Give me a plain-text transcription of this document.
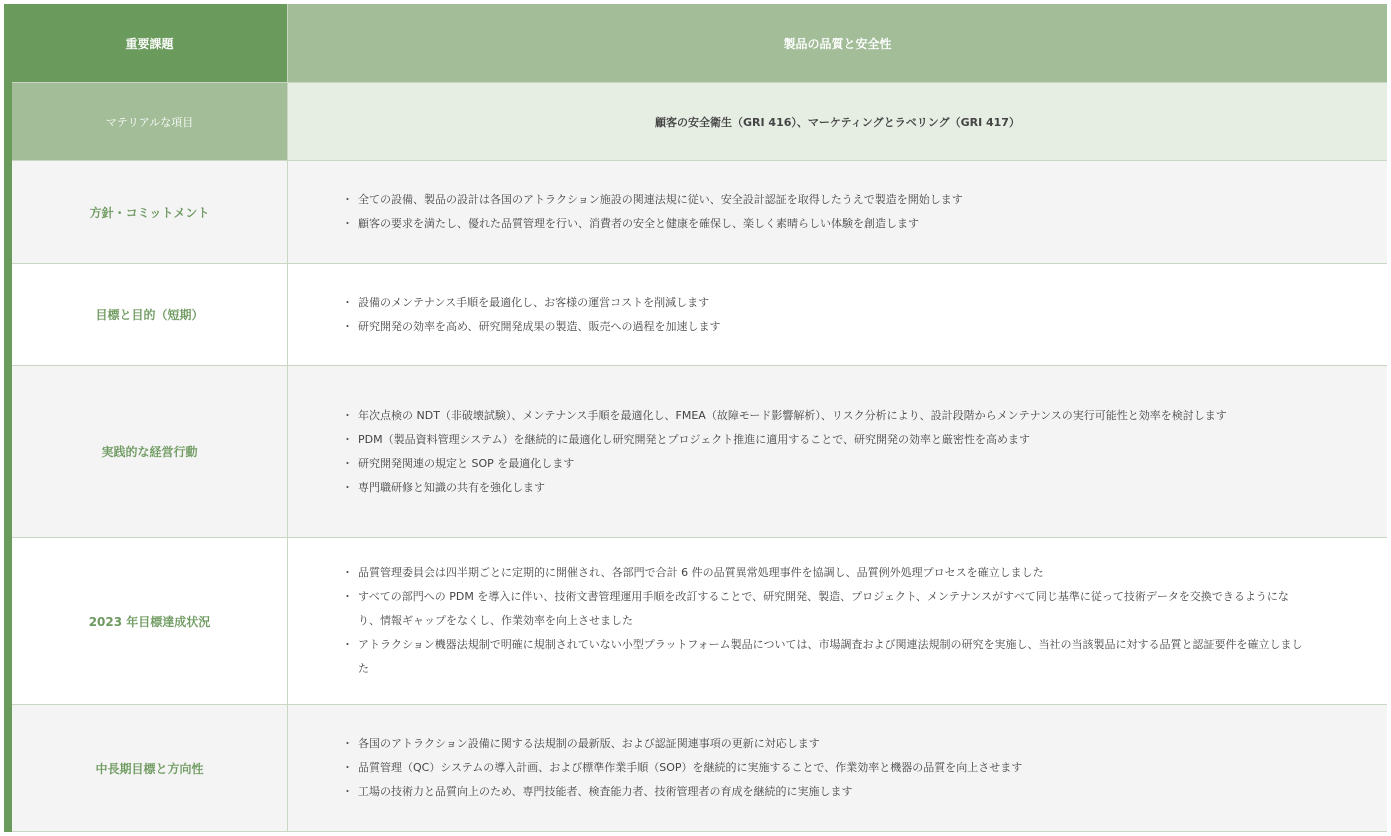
重要課題	製品の品質と安全性
マテリアルな項目	顧客の安全衛生（GRI 416）、マーケティングとラベリング（GRI 417）
方針・コミットメント
・ 全ての設備、製品の設計は各国のアトラクション施設の関連法規に従い、安全設計認証を取得したうえで製造を開始します
・ 顧客の要求を満たし、優れた品質管理を行い、消費者の安全と健康を確保し、楽しく素晴らしい体験を創造します
目標と目的（短期）
・ 設備のメンテナンス手順を最適化し、お客様の運営コストを削減します
・ 研究開発の効率を高め、研究開発成果の製造、販売への過程を加速します
実践的な経営行動
・ 年次点検の NDT（非破壊試験）、メンテナンス手順を最適化し、FMEA（故障モード影響解析）、リスク分析により、設計段階からメンテナンスの実行可能性と効率を検討します
・ PDM（製品資料管理システム）を継続的に最適化し研究開発とプロジェクト推進に適用することで、研究開発の効率と厳密性を高めます
・ 研究開発関連の規定と SOP を最適化します
・ 専門職研修と知識の共有を強化します
2023 年目標達成状況
・ 品質管理委員会は四半期ごとに定期的に開催され、各部門で合計 6 件の品質異常処理事件を協調し、品質例外処理プロセスを確立しました
・ すべての部門への PDM を導入に伴い、技術文書管理運用手順を改訂することで、研究開発、製造、プロジェクト、メンテナンスがすべて同じ基準に従って技術データを交換できるようになり、情報ギャップをなくし、作業効率を向上させました
・ アトラクション機器法規制で明確に規制されていない小型プラットフォーム製品については、市場調査および関連法規制の研究を実施し、当社の当該製品に対する品質と認証要件を確立しました
中長期目標と方向性
・ 各国のアトラクション設備に関する法規制の最新版、および認証関連事項の更新に対応します
・ 品質管理（QC）システムの導入計画、および標準作業手順（SOP）を継続的に実施することで、作業効率と機器の品質を向上させます
・ 工場の技術力と品質向上のため、専門技能者、検査能力者、技術管理者の育成を継続的に実施します
